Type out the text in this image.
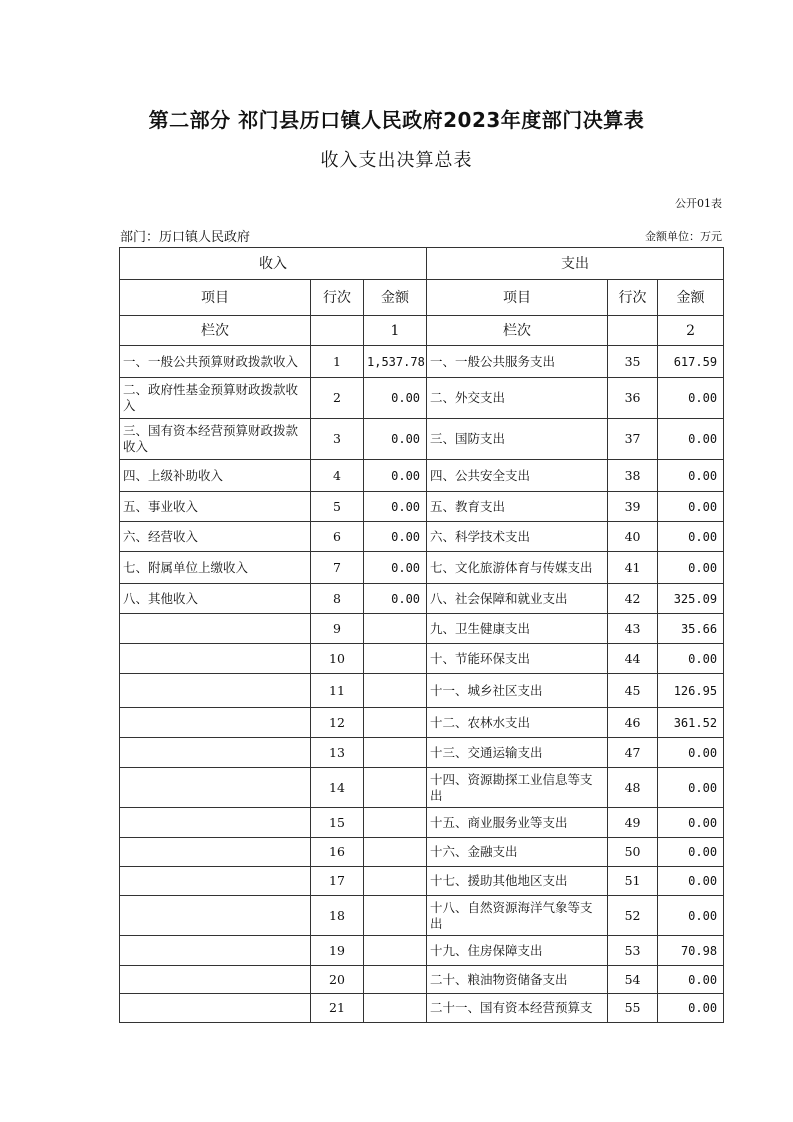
第二部分 祁门县历口镇人民政府2023年度部门决算表
收入支出决算总表
公开01表
部门：历口镇人民政府	金额单位：万元
收入			支出		
项目	行次	金额	项目	行次	金额
栏次		1	栏次		2
一、一般公共预算财政拨款收入	1	1,537.78	一、一般公共服务支出	35	617.59
二、政府性基金预算财政拨款收入	2	0.00	二、外交支出	36	0.00
三、国有资本经营预算财政拨款收入	3	0.00	三、国防支出	37	0.00
四、上级补助收入	4	0.00	四、公共安全支出	38	0.00
五、事业收入	5	0.00	五、教育支出	39	0.00
六、经营收入	6	0.00	六、科学技术支出	40	0.00
七、附属单位上缴收入	7	0.00	七、文化旅游体育与传媒支出	41	0.00
八、其他收入	8	0.00	八、社会保障和就业支出	42	325.09
	9		九、卫生健康支出	43	35.66
	10		十、节能环保支出	44	0.00
	11		十一、城乡社区支出	45	126.95
	12		十二、农林水支出	46	361.52
	13		十三、交通运输支出	47	0.00
	14		十四、资源勘探工业信息等支出	48	0.00
	15		十五、商业服务业等支出	49	0.00
	16		十六、金融支出	50	0.00
	17		十七、援助其他地区支出	51	0.00
	18		十八、自然资源海洋气象等支出	52	0.00
	19		十九、住房保障支出	53	70.98
	20		二十、粮油物资储备支出	54	0.00
	21		二十一、国有资本经营预算支	55	0.00
